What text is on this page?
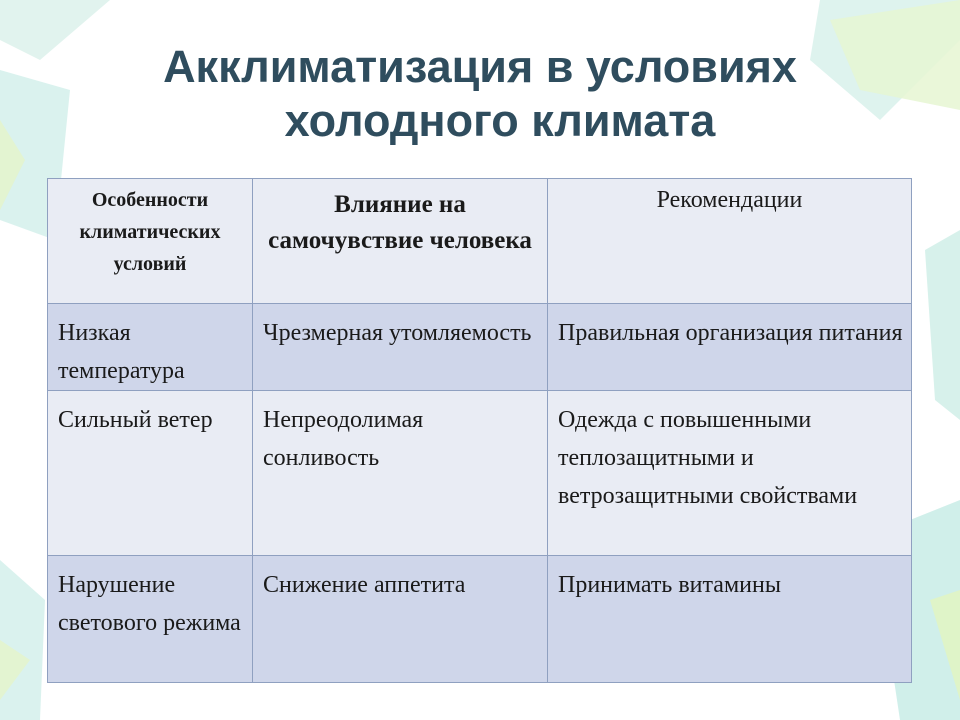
Акклиматизация в условиях
холодного климата
Особенности климатических условий	Влияние на самочувствие человека	Рекомендации

Низкая температура	Чрезмерная утомляемость	Правильная организация питания

Сильный ветер	Непреодолимая сонливость	Одежда с повышенными теплозащитными и ветрозащитными свойствами

Нарушение светового режима	Снижение аппетита	Принимать витамины
